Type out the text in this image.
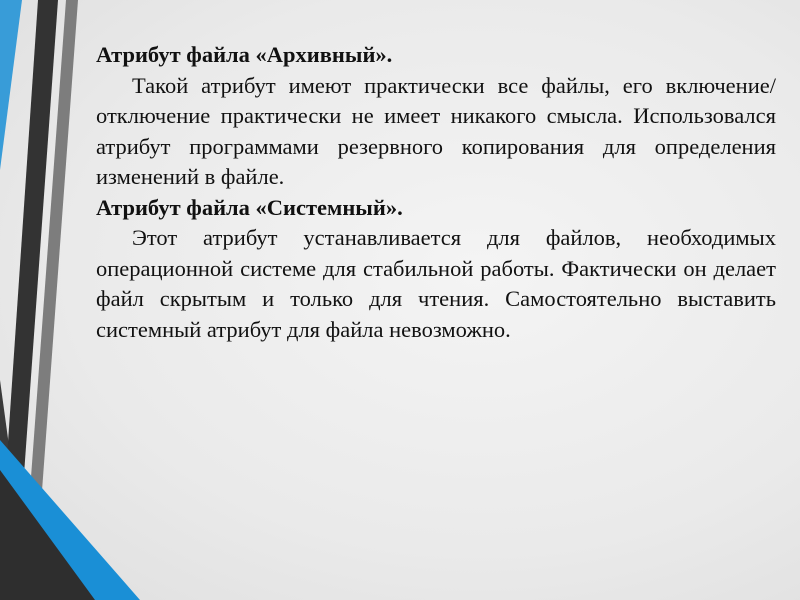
Атрибут файла «Архивный».

Такой атрибут имеют практически все файлы, его включение/отключение практически не имеет никакого смысла. Использовался атрибут программами резервного копирования для определения изменений в файле.

Атрибут файла «Системный».

Этот атрибут устанавливается для файлов, необходимых операционной системе для стабильной работы. Фактически он делает файл скрытым и только для чтения. Самостоятельно выставить системный атрибут для файла невозможно.
